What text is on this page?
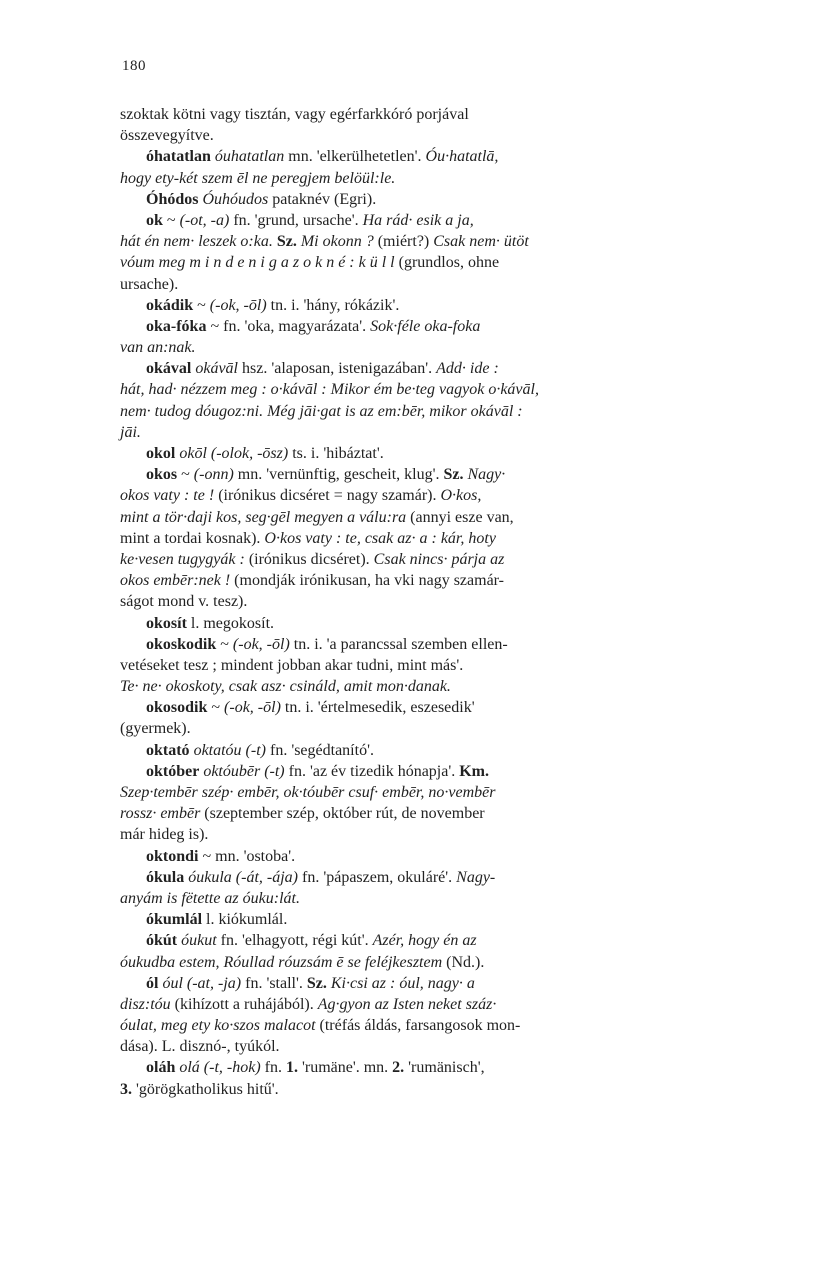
180
szoktak kötni vagy tisztán, vagy egérfarkkóró porjával
összevegyítve.
óhatatlan óuhatatlan mn. 'elkerülhetetlen'. Óu·hatatlā,
hogy ety-két szem ēl ne peregjem belöül:le.
Óhódos Óuhóudos pataknév (Egri).
ok ~ (-ot, -a) fn. 'grund, ursache'. Ha rád· esik a ja,
hát én nem· leszek o:ka. Sz. Mi okonn ? (miért?) Csak nem· ütöt
vóum meg m i n d e n i g a z o k n é : k ü l l (grundlos, ohne
ursache).
okádik ~ (-ok, -ōl) tn. i. 'hány, rókázik'.
oka-fóka ~ fn. 'oka, magyarázata'. Sok·féle oka-foka
van an:nak.
okával okávāl hsz. 'alaposan, istenigazában'. Add· ide :
hát, had· nézzem meg : o·kávāl : Mikor ém be·teg vagyok o·kávāl,
nem· tudog dóugoz:ni. Még jāi·gat is az em:bēr, mikor okávāl :
jāi.
okol okōl (-olok, -ōsz) ts. i. 'hibáztat'.
okos ~ (-onn) mn. 'vernünftig, gescheit, klug'. Sz. Nagy·
okos vaty : te ! (irónikus dicséret = nagy szamár). O·kos,
mint a tör·daji kos, seg·gēl megyen a válu:ra (annyi esze van,
mint a tordai kosnak). O·kos vaty : te, csak az· a : kár, hoty
ke·vesen tugygyák : (irónikus dicséret). Csak nincs· párja az
okos embēr:nek ! (mondják irónikusan, ha vki nagy szamár-
ságot mond v. tesz).
okosít l. megokosít.
okoskodik ~ (-ok, -ōl) tn. i. 'a parancssal szemben ellen-
vetéseket tesz ; mindent jobban akar tudni, mint más'.
Te· ne· okoskoty, csak asz· csináld, amit mon·danak.
okosodik ~ (-ok, -ōl) tn. i. 'értelmesedik, eszesedik'
(gyermek).
oktató oktatóu (-t) fn. 'segédtanító'.
október októubēr (-t) fn. 'az év tizedik hónapja'. Km.
Szep·tembēr szép· embēr, ok·tóubēr csuf· embēr, no·vembēr
rossz· embēr (szeptember szép, október rút, de november
már hideg is).
oktondi ~ mn. 'ostoba'.
ókula óukula (-át, -ája) fn. 'pápaszem, okuláré'. Nagy-
anyám is fëtette az óuku:lát.
ókumlál l. kiókumlál.
ókút óukut fn. 'elhagyott, régi kút'. Azér, hogy én az
óukudba estem, Róullad róuzsám ē se feléjkesztem (Nd.).
ól óul (-at, -ja) fn. 'stall'. Sz. Ki·csi az : óul, nagy· a
disz:tóu (kihízott a ruhájából). Ag·gyon az Isten neket száz·
óulat, meg ety ko·szos malacot (tréfás áldás, farsangosok mon-
dása). L. disznó-, tyúkól.
oláh olá (-t, -hok) fn. 1. 'rumäne'. mn. 2. 'rumänisch',
3. 'görögkatholikus hitű'.
